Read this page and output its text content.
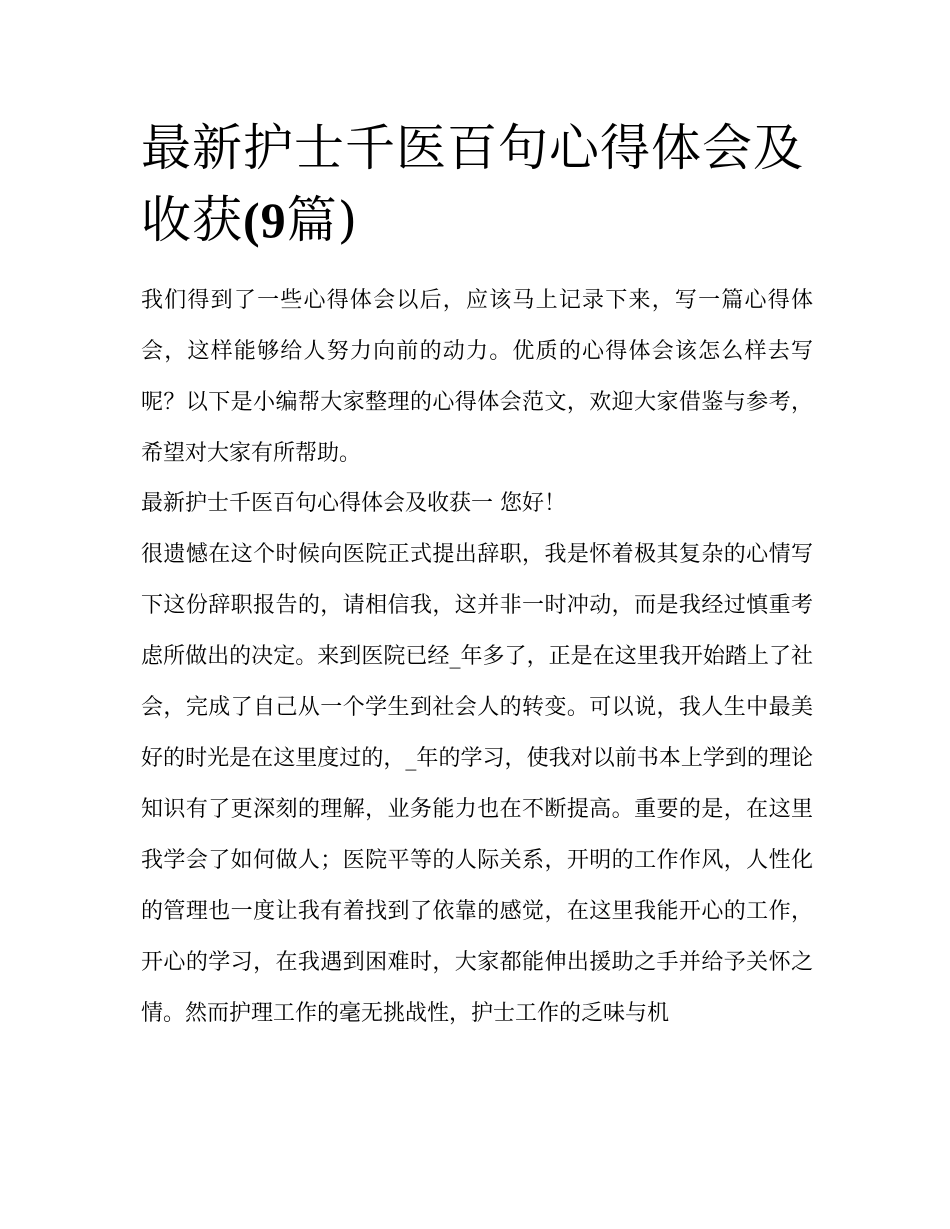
最新护士千医百句心得体会及收获(9篇)

我们得到了一些心得体会以后，应该马上记录下来，写一篇心得体会，这样能够给人努力向前的动力。优质的心得体会该怎么样去写呢？以下是小编帮大家整理的心得体会范文，欢迎大家借鉴与参考，希望对大家有所帮助。

最新护士千医百句心得体会及收获一 您好！

很遗憾在这个时候向医院正式提出辞职，我是怀着极其复杂的心情写下这份辞职报告的，请相信我，这并非一时冲动，而是我经过慎重考虑所做出的决定。来到医院已经_年多了，正是在这里我开始踏上了社会，完成了自己从一个学生到社会人的转变。可以说，我人生中最美好的时光是在这里度过的，_年的学习，使我对以前书本上学到的理论知识有了更深刻的理解，业务能力也在不断提高。重要的是，在这里我学会了如何做人；医院平等的人际关系，开明的工作作风，人性化的管理也一度让我有着找到了依靠的感觉，在这里我能开心的工作，开心的学习，在我遇到困难时，大家都能伸出援助之手并给予关怀之情。然而护理工作的毫无挑战性，护士工作的乏味与机
